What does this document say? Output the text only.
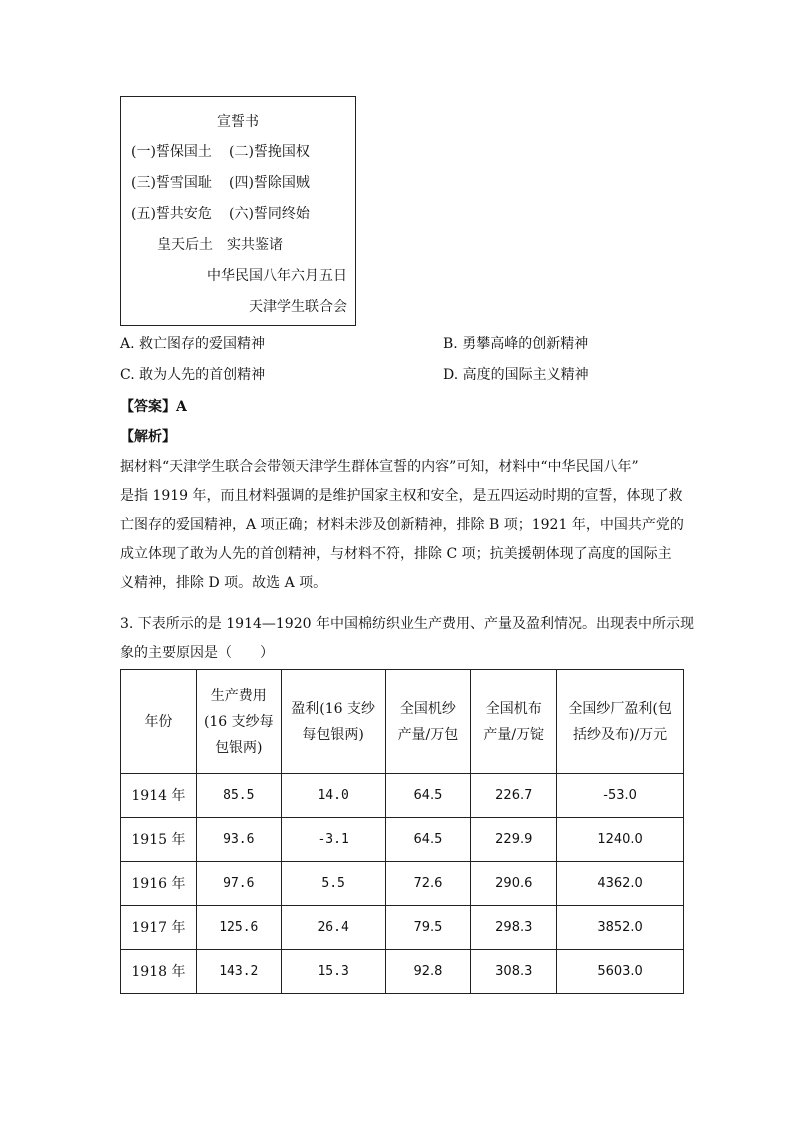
宣誓书
(一)誓保国土 (二)誓挽国权
(三)誓雪国耻 (四)誓除国贼
(五)誓共安危 (六)誓同终始
皇天后土　实共鉴诸
中华民国八年六月五日
天津学生联合会
A. 救亡图存的爱国精神	B. 勇攀高峰的创新精神
C. 敢为人先的首创精神	D. 高度的国际主义精神
【答案】A
【解析】
据材料“天津学生联合会带领天津学生群体宣誓的内容”可知，材料中“中华民国八年”
是指 1919 年，而且材料强调的是维护国家主权和安全，是五四运动时期的宣誓，体现了救
亡图存的爱国精神，A 项正确；材料未涉及创新精神，排除 B 项；1921 年，中国共产党的
成立体现了敢为人先的首创精神，与材料不符，排除 C 项；抗美援朝体现了高度的国际主
义精神，排除 D 项。故选 A 项。
3. 下表所示的是 1914—1920 年中国棉纺织业生产费用、产量及盈利情况。出现表中所示现
象的主要原因是（　　）
年份	生产费用
(16 支纱每
包银两)	盈利(16 支纱
每包银两)	全国机纱
产量/万包	全国机布
产量/万锭	全国纱厂盈利(包
括纱及布)/万元
1914 年	85.5	14.0	64.5	226.7	-53.0
1915 年	93.6	-3.1	64.5	229.9	1240.0
1916 年	97.6	5.5	72.6	290.6	4362.0
1917 年	125.6	26.4	79.5	298.3	3852.0
1918 年	143.2	15.3	92.8	308.3	5603.0
